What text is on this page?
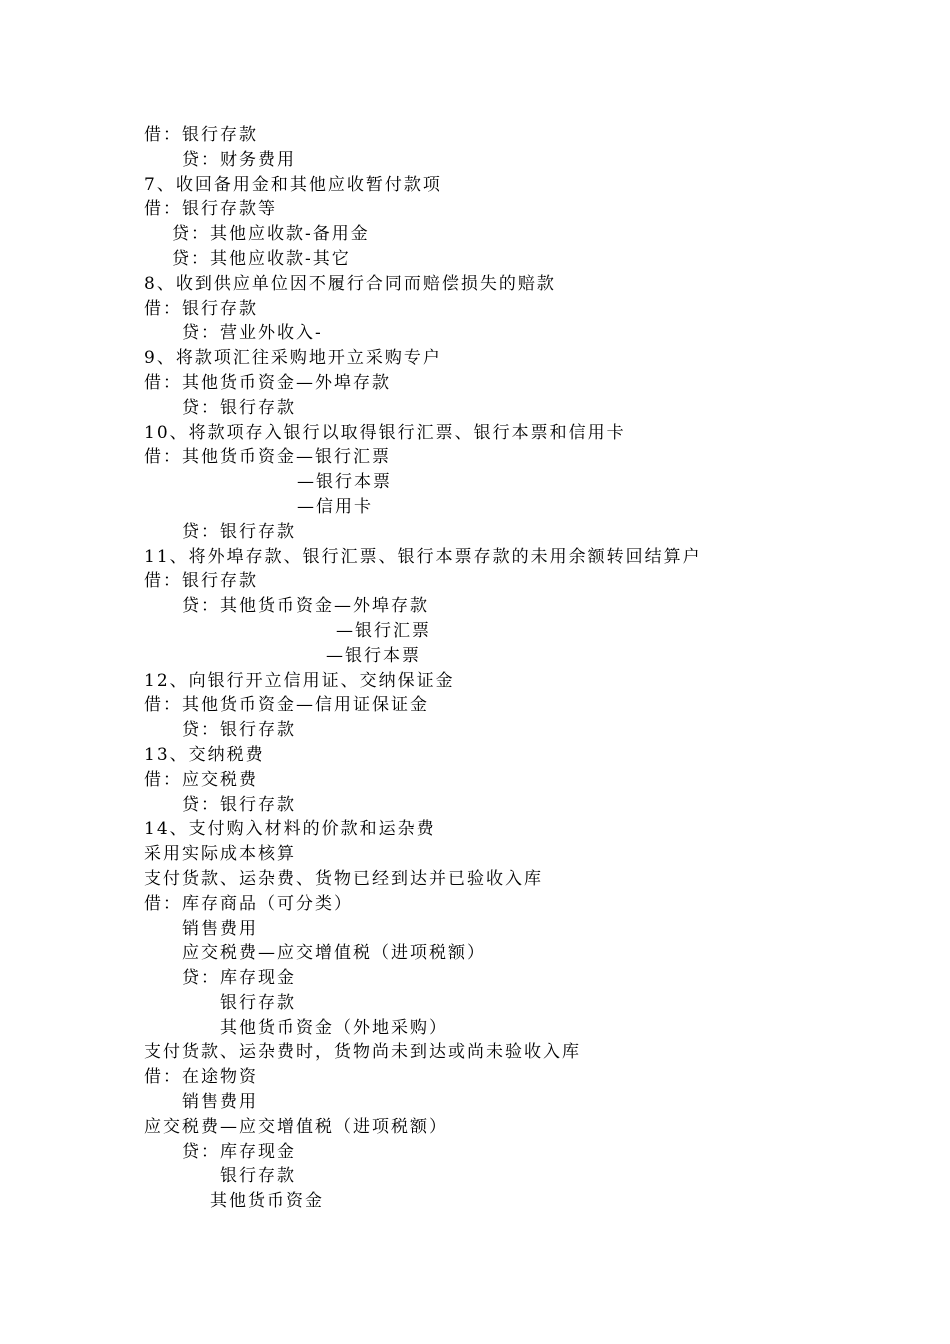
借：银行存款
贷：财务费用
7、收回备用金和其他应收暂付款项
借：银行存款等
贷：其他应收款-备用金
贷：其他应收款-其它
8、收到供应单位因不履行合同而赔偿损失的赔款
借：银行存款
贷：营业外收入-
9、将款项汇往采购地开立采购专户
借：其他货币资金—外埠存款
贷：银行存款
10、将款项存入银行以取得银行汇票、银行本票和信用卡
借：其他货币资金—银行汇票
—银行本票
—信用卡
贷：银行存款
11、将外埠存款、银行汇票、银行本票存款的未用余额转回结算户
借：银行存款
贷：其他货币资金—外埠存款
—银行汇票
—银行本票
12、向银行开立信用证、交纳保证金
借：其他货币资金—信用证保证金
贷：银行存款
13、交纳税费
借：应交税费
贷：银行存款
14、支付购入材料的价款和运杂费
采用实际成本核算
支付货款、运杂费、货物已经到达并已验收入库
借：库存商品（可分类）
销售费用
应交税费—应交增值税（进项税额）
贷：库存现金
银行存款
其他货币资金（外地采购）
支付货款、运杂费时，货物尚未到达或尚未验收入库
借：在途物资
销售费用
应交税费—应交增值税（进项税额）
贷：库存现金
银行存款
其他货币资金
